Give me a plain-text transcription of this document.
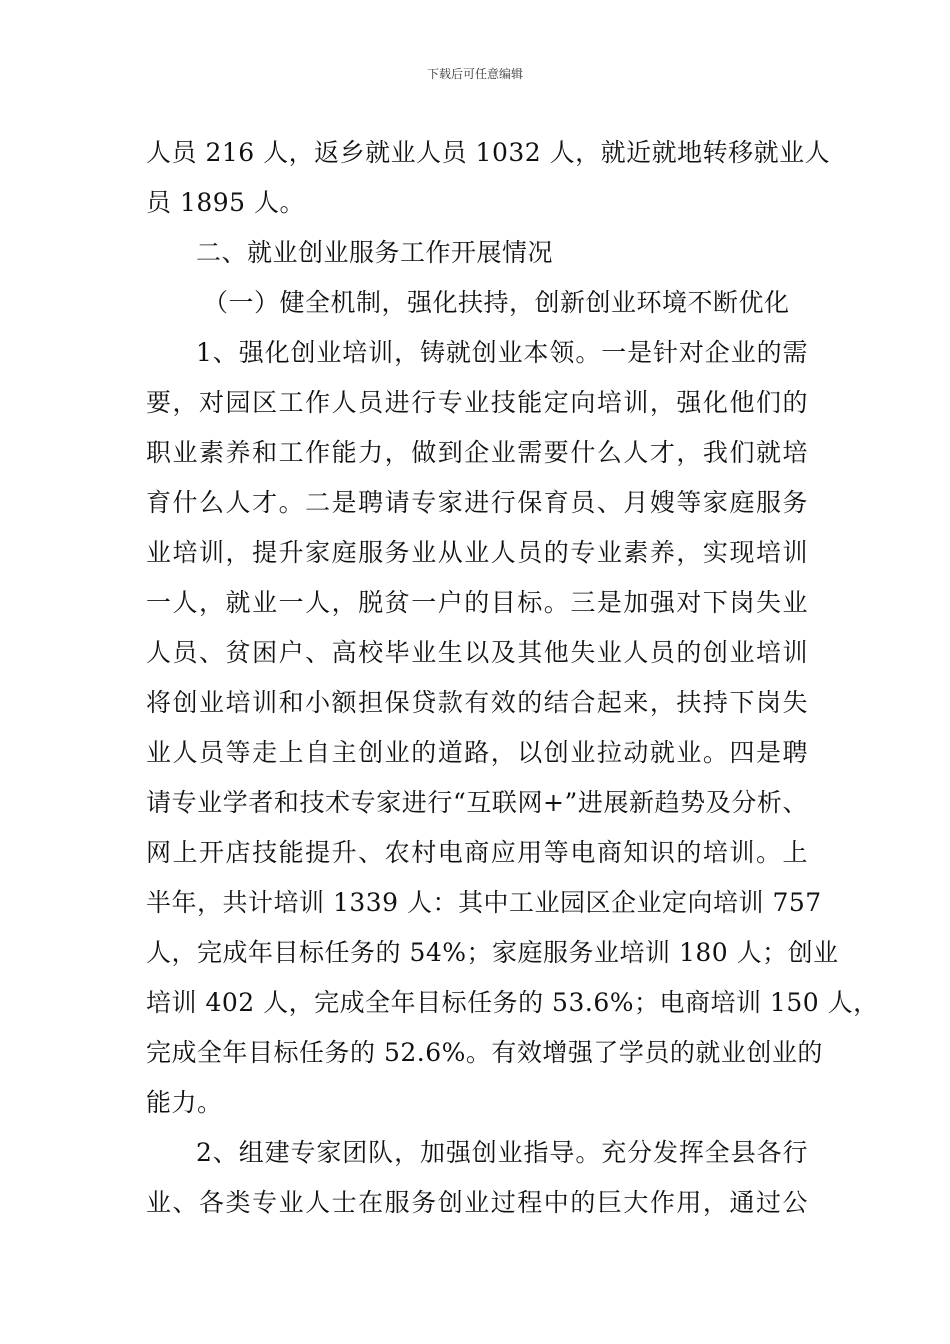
下载后可任意编辑
人员 216 人，返乡就业人员 1032 人，就近就地转移就业人
员 1895 人。
二、就业创业服务工作开展情况
（一）健全机制，强化扶持，创新创业环境不断优化
1、强化创业培训，铸就创业本领。一是针对企业的需
要，对园区工作人员进行专业技能定向培训，强化他们的
职业素养和工作能力，做到企业需要什么人才，我们就培
育什么人才。二是聘请专家进行保育员、月嫂等家庭服务
业培训，提升家庭服务业从业人员的专业素养，实现培训
一人，就业一人，脱贫一户的目标。三是加强对下岗失业
人员、贫困户、高校毕业生以及其他失业人员的创业培训
将创业培训和小额担保贷款有效的结合起来，扶持下岗失
业人员等走上自主创业的道路，以创业拉动就业。四是聘
请专业学者和技术专家进行“互联网+”进展新趋势及分析、
网上开店技能提升、农村电商应用等电商知识的培训。上
半年，共计培训 1339 人：其中工业园区企业定向培训 757
人，完成年目标任务的 54%；家庭服务业培训 180 人；创业
培训 402 人，完成全年目标任务的 53.6%；电商培训 150 人，
完成全年目标任务的 52.6%。有效增强了学员的就业创业的
能力。
2、组建专家团队，加强创业指导。充分发挥全县各行
业、各类专业人士在服务创业过程中的巨大作用，通过公
